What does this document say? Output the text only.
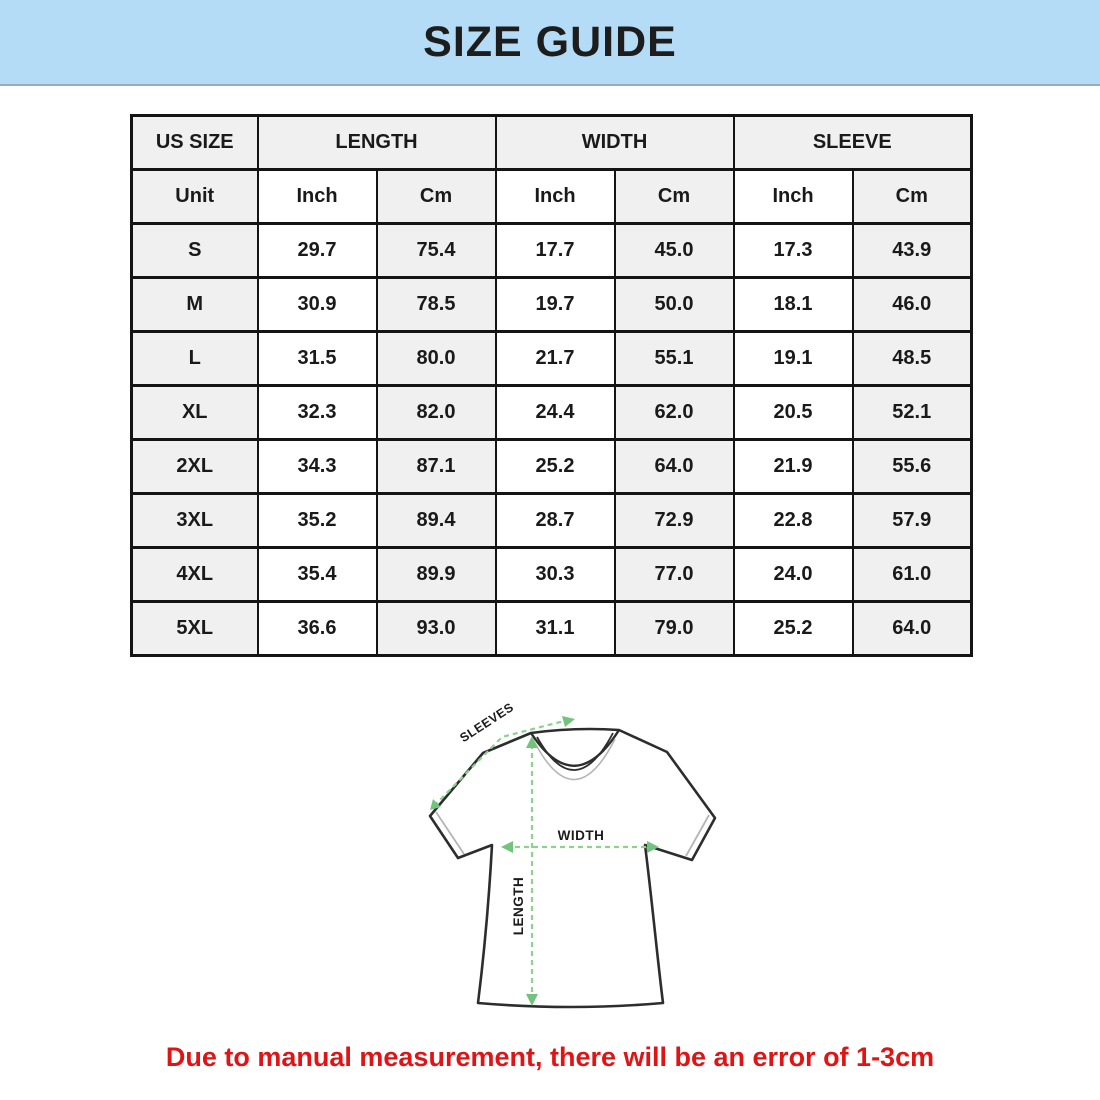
SIZE GUIDE
US SIZE	LENGTH		WIDTH		SLEEVE	
Unit	Inch	Cm	Inch	Cm	Inch	Cm
S	29.7	75.4	17.7	45.0	17.3	43.9
M	30.9	78.5	19.7	50.0	18.1	46.0
L	31.5	80.0	21.7	55.1	19.1	48.5
XL	32.3	82.0	24.4	62.0	20.5	52.1
2XL	34.3	87.1	25.2	64.0	21.9	55.6
3XL	35.2	89.4	28.7	72.9	22.8	57.9
4XL	35.4	89.9	30.3	77.0	24.0	61.0
5XL	36.6	93.0	31.1	79.0	25.2	64.0
WIDTH
LENGTH
SLEEVES

Due to manual measurement, there will be an error of 1-3cm
